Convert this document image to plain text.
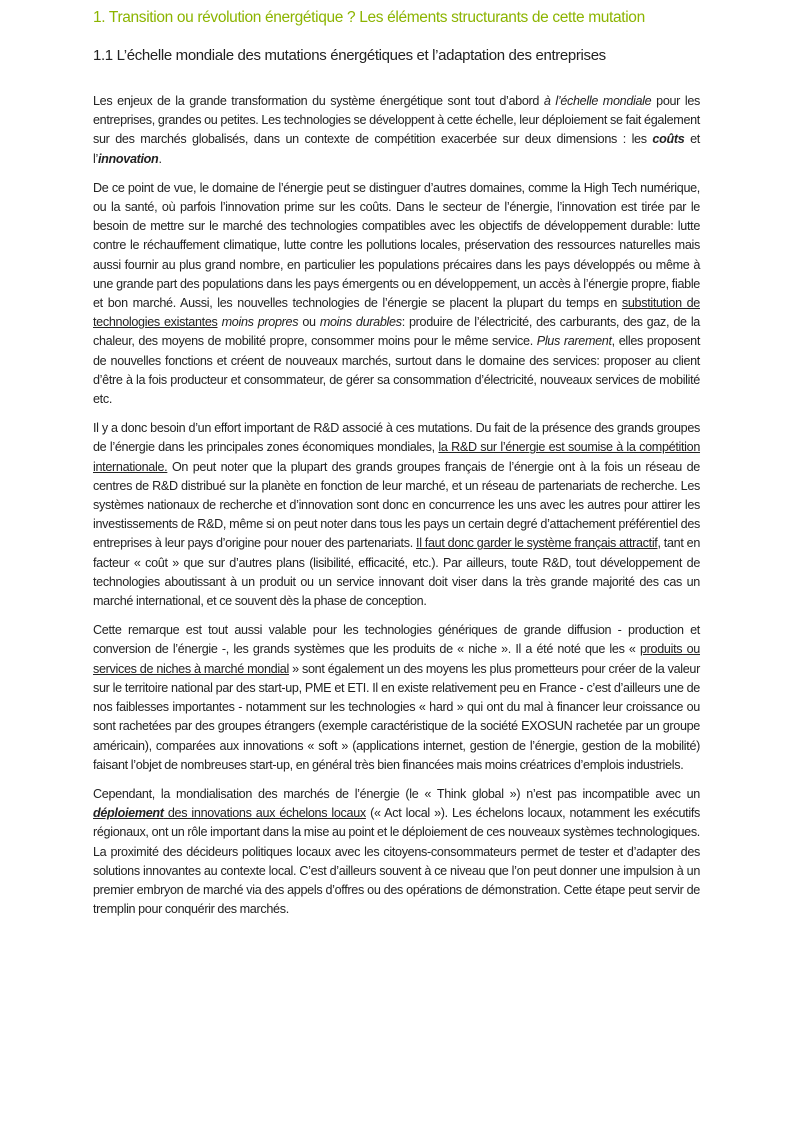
1. Transition ou révolution énergétique ? Les éléments structurants de cette mutation
1.1 L’échelle mondiale des mutations énergétiques et l’adaptation des entreprises

Les enjeux de la grande transformation du système énergétique sont tout d’abord à l’échelle mondiale pour les entreprises, grandes ou petites. Les technologies se développent à cette échelle, leur déploiement se fait également sur des marchés globalisés, dans un contexte de compétition exacerbée sur deux dimensions : les coûts et l’innovation.

De ce point de vue, le domaine de l’énergie peut se distinguer d’autres domaines, comme la High Tech numérique, ou la santé, où parfois l’innovation prime sur les coûts. Dans le secteur de l’énergie, l’innovation est tirée par le besoin de mettre sur le marché des technologies compatibles avec les objectifs de développement durable: lutte contre le réchauffement climatique, lutte contre les pollutions locales, préservation des ressources naturelles mais aussi fournir au plus grand nombre, en particulier les populations précaires dans les pays développés ou même à une grande part des populations dans les pays émergents ou en développement, un accès à l’énergie propre, fiable et bon marché. Aussi, les nouvelles technologies de l’énergie se placent la plupart du temps en substitution de technologies existantes moins propres ou moins durables: produire de l’électricité, des carburants, des gaz, de la chaleur, des moyens de mobilité propre, consommer moins pour le même service. Plus rarement, elles proposent de nouvelles fonctions et créent de nouveaux marchés, surtout dans le domaine des services: proposer au client d’être à la fois producteur et consommateur, de gérer sa consommation d’électricité, nouveaux services de mobilité etc.

Il y a donc besoin d’un effort important de R&D associé à ces mutations. Du fait de la présence des grands groupes de l’énergie dans les principales zones économiques mondiales, la R&D sur l’énergie est soumise à la compétition internationale. On peut noter que la plupart des grands groupes français de l’énergie ont à la fois un réseau de centres de R&D distribué sur la planète en fonction de leur marché, et un réseau de partenariats de recherche. Les systèmes nationaux de recherche et d’innovation sont donc en concurrence les uns avec les autres pour attirer les investissements de R&D, même si on peut noter dans tous les pays un certain degré d’attachement préférentiel des entreprises à leur pays d’origine pour nouer des partenariats. Il faut donc garder le système français attractif, tant en facteur « coût » que sur d’autres plans (lisibilité, efficacité, etc.). Par ailleurs, toute R&D, tout développement de technologies aboutissant à un produit ou un service innovant doit viser dans la très grande majorité des cas un marché international, et ce souvent dès la phase de conception.

Cette remarque est tout aussi valable pour les technologies génériques de grande diffusion - production et conversion de l’énergie -, les grands systèmes que les produits de « niche ». Il a été noté que les « produits ou services de niches à marché mondial » sont également un des moyens les plus prometteurs pour créer de la valeur sur le territoire national par des start-up, PME et ETI. Il en existe relativement peu en France - c’est d’ailleurs une de nos faiblesses importantes - notamment sur les technologies « hard » qui ont du mal à financer leur croissance ou sont rachetées par des groupes étrangers (exemple caractéristique de la société EXOSUN rachetée par un groupe américain), comparées aux innovations « soft » (applications internet, gestion de l’énergie, gestion de la mobilité) faisant l’objet de nombreuses start-up, en général très bien financées mais moins créatrices d’emplois industriels.

Cependant, la mondialisation des marchés de l’énergie (le « Think global ») n’est pas incompatible avec un déploiement des innovations aux échelons locaux (« Act local »). Les échelons locaux, notamment les exécutifs régionaux, ont un rôle important dans la mise au point et le déploiement de ces nouveaux systèmes technologiques. La proximité des décideurs politiques locaux avec les citoyens-consommateurs permet de tester et d’adapter des solutions innovantes au contexte local. C’est d’ailleurs souvent à ce niveau que l’on peut donner une impulsion à un premier embryon de marché via des appels d’offres ou des opérations de démonstration. Cette étape peut servir de tremplin pour conquérir des marchés.
